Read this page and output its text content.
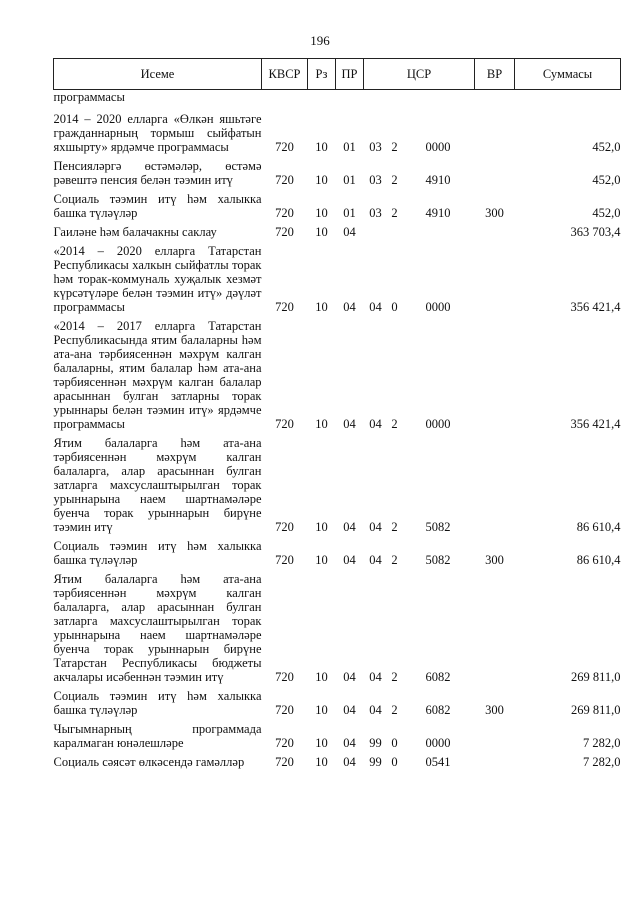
196
Исеме	КВСР	Рз	ПР	ЦСР			ВР	Суммасы
программасы								
2014 – 2020 елларга «Өлкән яшьтәге гражданнарның тормыш сыйфатын яхшырту» ярдәмче программасы	720	10	01	03	2	0000		452,0

Пенсияләргә өстәмәләр, өстәмә рәвештә пенсия белән тәэмин итү	720	10	01	03	2	4910		452,0

Социаль тәэмин итү һәм халыкка башка түләүләр	720	10	01	03	2	4910	300	452,0

Гаиләне һәм балачакны саклау	720	10	04					363 703,4

«2014 – 2020 елларга Татарстан Республикасы халкын сыйфатлы торак һәм торак-коммуналь хуҗалык хезмәт күрсәтүләре белән тәэмин итү» дәүләт программасы	720	10	04	04	0	0000		356 421,4

«2014 – 2017 елларга Татарстан Республикасында ятим балаларны һәм ата-ана тәрбиясеннән мәхрүм калган балаларны, ятим балалар һәм ата-ана тәрбиясеннән мәхрүм калган балалар арасыннан булган затларны торак урыннары белән тәэмин итү» ярдәмче программасы	720	10	04	04	2	0000		356 421,4

Ятим балаларга һәм ата-ана тәрбиясеннән мәхрүм калган балаларга, алар арасыннан булган затларга махсуслаштырылган торак урыннарына наем шартнамәләре буенча торак урыннарын бирүне тәэмин итү	720	10	04	04	2	5082		86 610,4

Социаль тәэмин итү һәм халыкка башка түләүләр	720	10	04	04	2	5082	300	86 610,4

Ятим балаларга һәм ата-ана тәрбиясеннән мәхрүм калган балаларга, алар арасыннан булган затларга махсуслаштырылган торак урыннарына наем шартнамәләре буенча торак урыннарын бирүне Татарстан Республикасы бюджеты акчалары исәбеннән тәэмин итү	720	10	04	04	2	6082		269 811,0

Социаль тәэмин итү һәм халыкка башка түләүләр	720	10	04	04	2	6082	300	269 811,0

Чыгымнарның программада каралмаган юнәлешләре	720	10	04	99	0	0000		7 282,0

Социаль сәясәт өлкәсендә гамәлләр	720	10	04	99	0	0541		7 282,0
